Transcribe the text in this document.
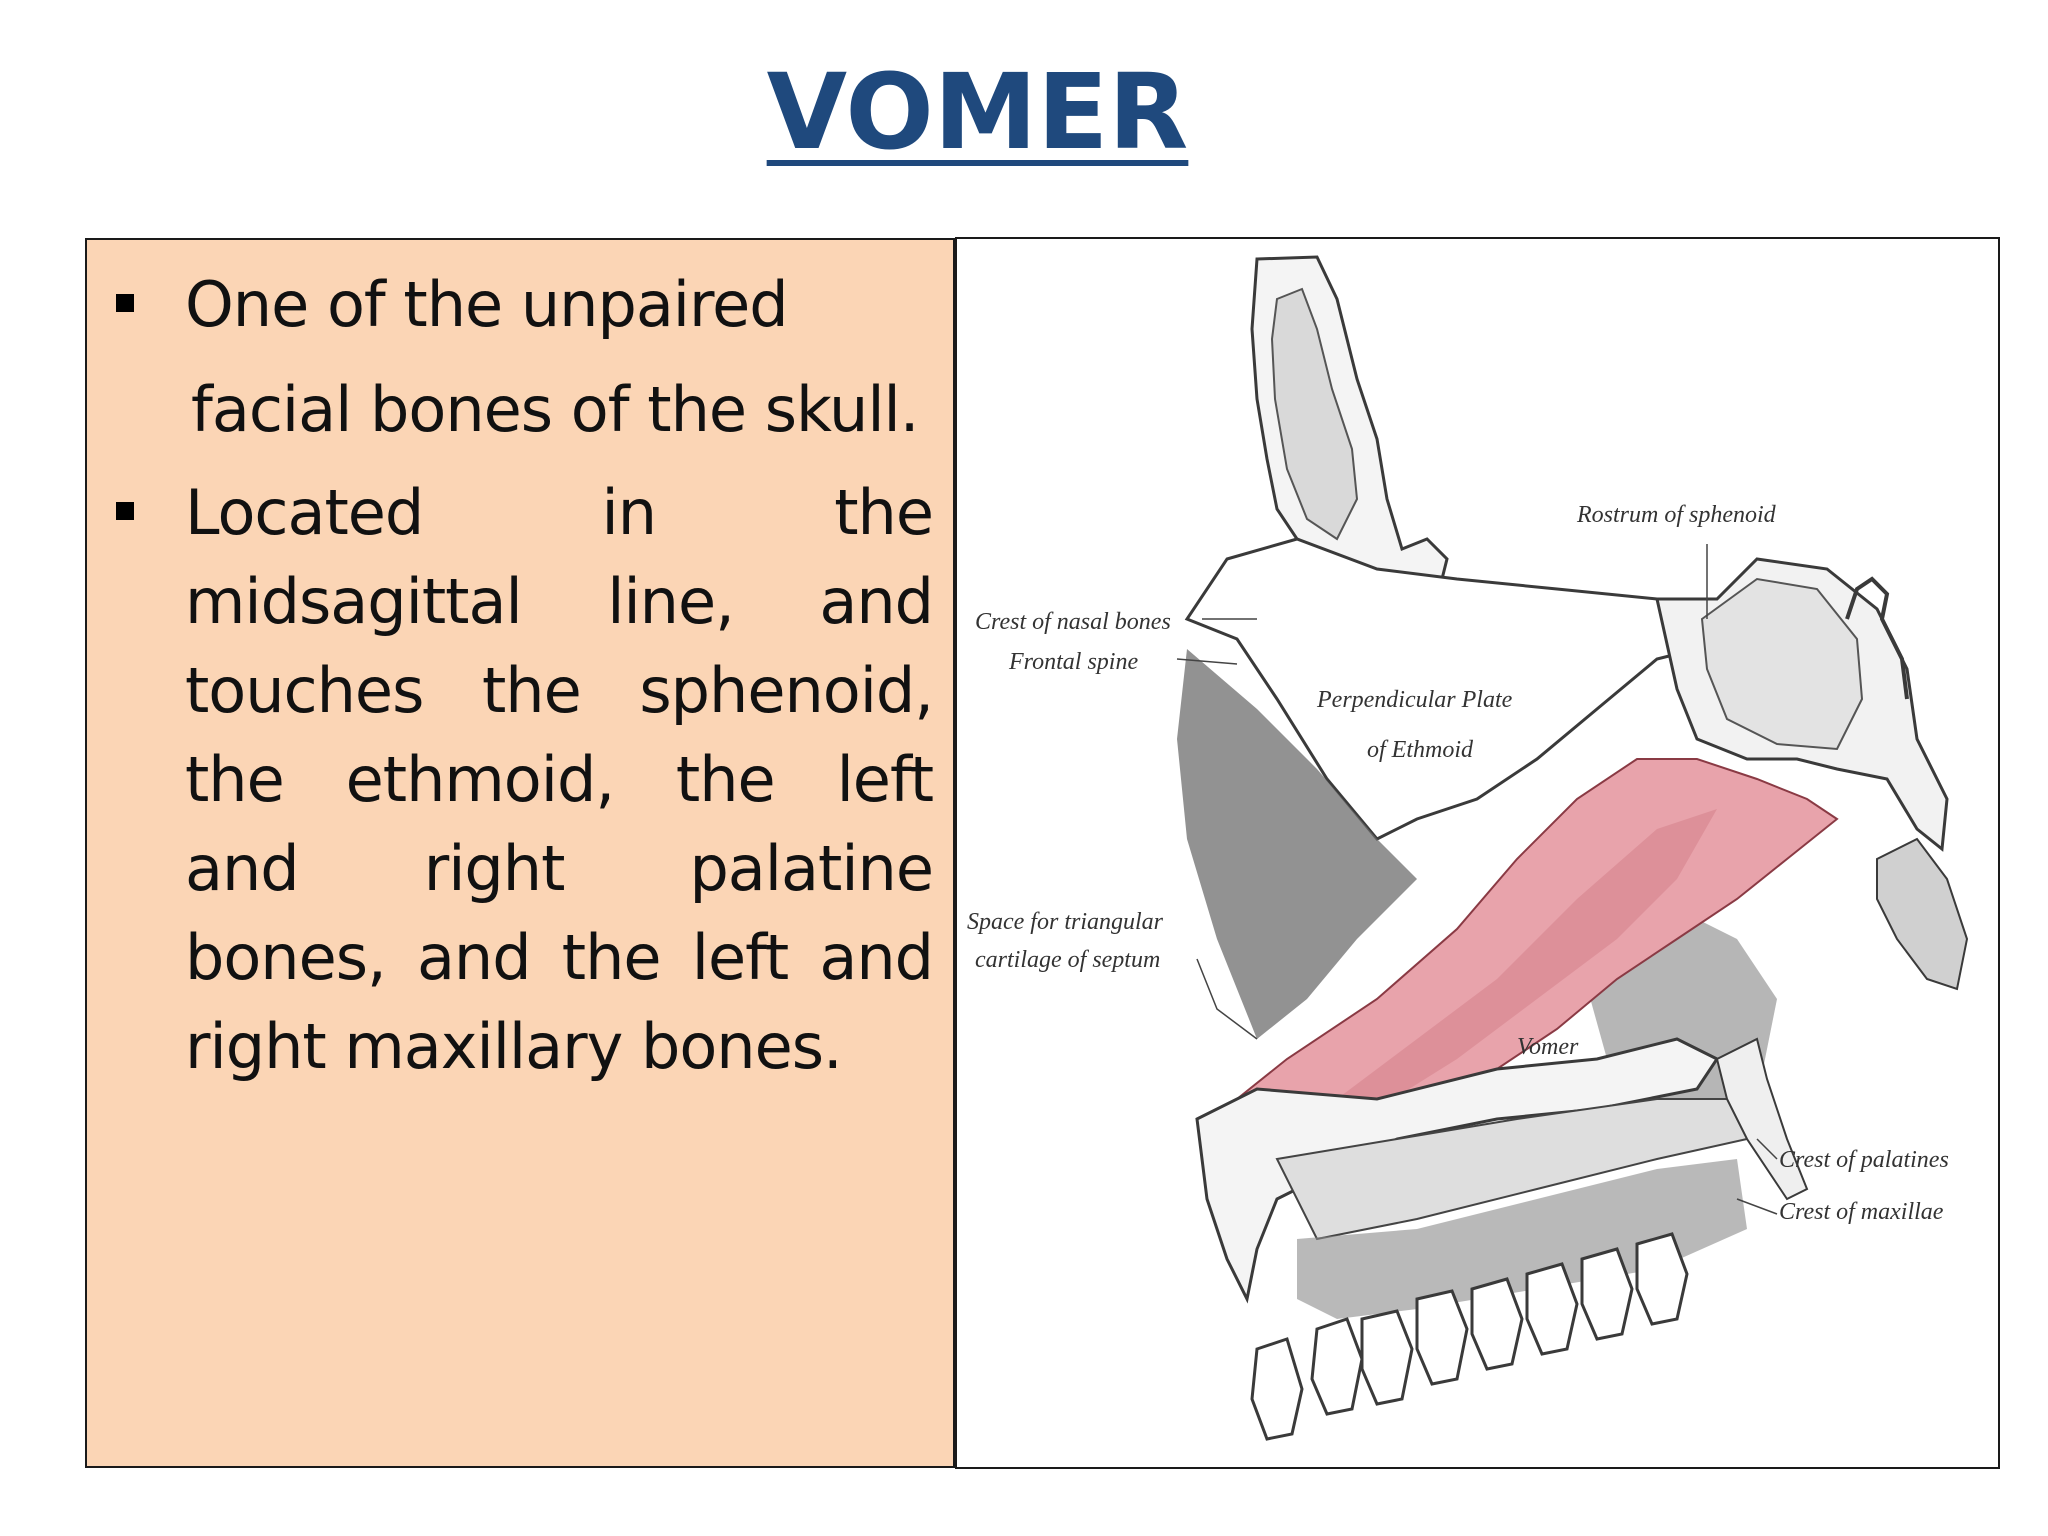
VOMER
One of the unpaired
facial bones of the skull.
Located in the midsagittal line, and touches the sphenoid, the ethmoid, the left and right palatine bones, and the left and right maxillary bones.
Rostrum of sphenoid
Crest of nasal bones
Frontal spine
Perpendicular Plate
of Ethmoid
Space for triangular
cartilage of septum
Vomer
Crest of palatines
Crest of maxillae
